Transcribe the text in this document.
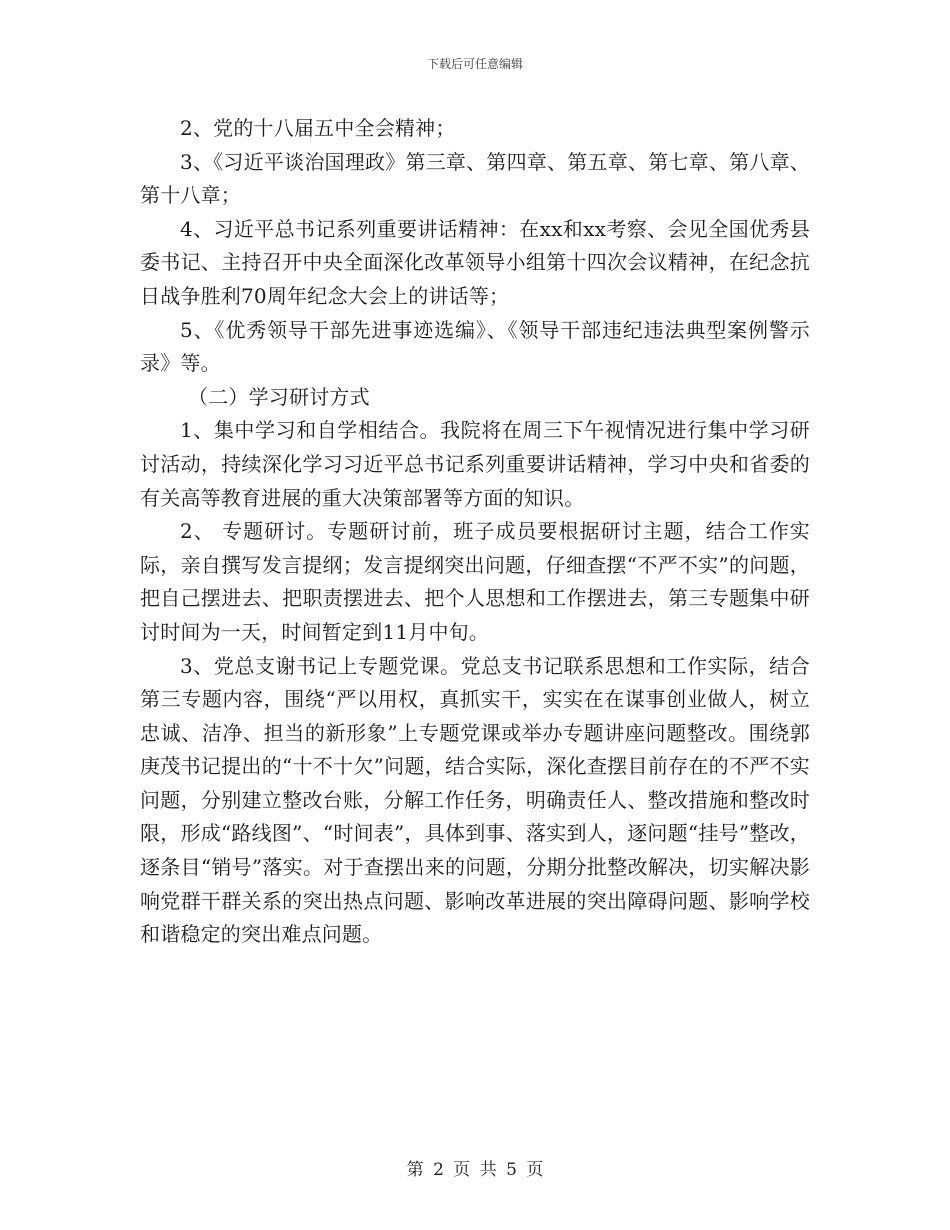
下载后可任意编辑

2、党的十八届五中全会精神；

3、《习近平谈治国理政》第三章、第四章、第五章、第七章、第八章、第十八章；

4、习近平总书记系列重要讲话精神：在xx和xx考察、会见全国优秀县委书记、主持召开中央全面深化改革领导小组第十四次会议精神，在纪念抗日战争胜利70周年纪念大会上的讲话等；

5、《优秀领导干部先进事迹选编》、《领导干部违纪违法典型案例警示录》等。

（二）学习研讨方式

1、集中学习和自学相结合。我院将在周三下午视情况进行集中学习研讨活动，持续深化学习习近平总书记系列重要讲话精神，学习中央和省委的有关高等教育进展的重大决策部署等方面的知识。

2、 专题研讨。专题研讨前，班子成员要根据研讨主题，结合工作实际，亲自撰写发言提纲；发言提纲突出问题，仔细查摆“不严不实”的问题，把自己摆进去、把职责摆进去、把个人思想和工作摆进去，第三专题集中研讨时间为一天，时间暂定到11月中旬。

3、党总支谢书记上专题党课。党总支书记联系思想和工作实际，结合第三专题内容，围绕“严以用权，真抓实干，实实在在谋事创业做人，树立忠诚、洁净、担当的新形象”上专题党课或举办专题讲座问题整改。围绕郭庚茂书记提出的“十不十欠”问题，结合实际，深化查摆目前存在的不严不实问题，分别建立整改台账，分解工作任务，明确责任人、整改措施和整改时限，形成“路线图”、“时间表”，具体到事、落实到人，逐问题“挂号”整改，逐条目“销号”落实。对于查摆出来的问题，分期分批整改解决，切实解决影响党群干群关系的突出热点问题、影响改革进展的突出障碍问题、影响学校和谐稳定的突出难点问题。

第 2 页 共 5 页
